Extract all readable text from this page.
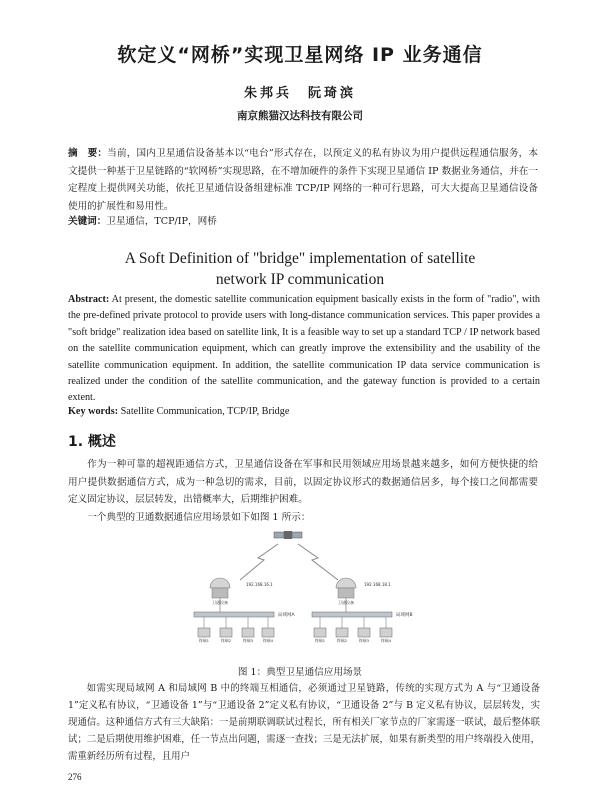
软定义“网桥”实现卫星网络 IP 业务通信
朱邦兵　阮琦滨
南京熊猫汉达科技有限公司
摘　要：当前，国内卫星通信设备基本以“电台”形式存在，以预定义的私有协议为用户提供远程通信服务，本文提供一种基于卫星链路的“软网桥”实现思路，在不增加硬件的条件下实现卫星通信 IP 数据业务通信，并在一定程度上提供网关功能，依托卫星通信设备组建标准 TCP/IP 网络的一种可行思路，可大大提高卫星通信设备使用的扩展性和易用性。
关键词：卫星通信，TCP/IP，网桥
A Soft Definition of "bridge" implementation of satellite network IP communication
Abstract: At present, the domestic satellite communication equipment basically exists in the form of "radio", with the pre-defined private protocol to provide users with long-distance communication services. This paper provides a "soft bridge" realization idea based on satellite link, It is a feasible way to set up a standard TCP / IP network based on the satellite communication equipment, which can greatly improve the extensibility and the usability of the satellite communication equipment. In addition, the satellite communication IP data service communication is realized under the condition of the satellite communication, and the gateway function is provided to a certain extent.
Key words: Satellite Communication, TCP/IP, Bridge
1. 概述

作为一种可靠的超视距通信方式，卫星通信设备在军事和民用领域应用场景越来越多，如何方便快捷的给用户提供数据通信方式，成为一种急切的需求，目前，以固定协议形式的数据通信居多，每个接口之间都需要定义固定协议，层层转发，出错概率大，后期维护困难。

一个典型的卫通数据通信应用场景如下如图 1 所示：

192.168.16.1
卫通设备
192.168.18.1
卫通设备
局域网A	局域网B
终端1	终端2	终端3	终端4	终端1	终端2	终端3	终端4
图 1：典型卫星通信应用场景

如需实现局域网 A 和局域网 B 中的终端互相通信，必须通过卫星链路，传统的实现方式为 A 与“卫通设备 1”定义私有协议，“卫通设备 1”与“卫通设备 2”定义私有协议，“卫通设备 2”与 B 定义私有协议，层层转发，实现通信。这种通信方式有三大缺陷：一是前期联调联试过程长，所有相关厂家节点的厂家需逐一联试，最后整体联试；二是后期使用维护困难，任一节点出问题，需逐一查找；三是无法扩展，如果有新类型的用户终端投入使用，需重新经历所有过程，且用户

276
